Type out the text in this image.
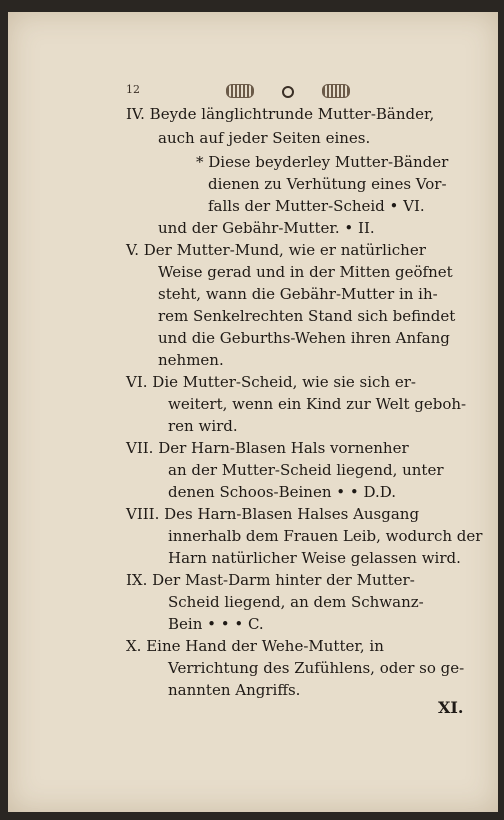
12
IV. Beyde länglichtrunde Mutter-Bänder,
auch auf jeder Seiten eines.
* Diese beyderley Mutter-Bänder
dienen zu Verhütung eines Vor-
falls der Mutter-Scheid • VI.
und der Gebähr-Mutter. • II.
V. Der Mutter-Mund, wie er natürlicher
Weise gerad und in der Mitten geöfnet
steht, wann die Gebähr-Mutter in ih-
rem Senkelrechten Stand sich befindet
und die Geburths-Wehen ihren Anfang
nehmen.
VI. Die Mutter-Scheid, wie sie sich er-
weitert, wenn ein Kind zur Welt geboh-
ren wird.
VII. Der Harn-Blasen Hals vornenher
an der Mutter-Scheid liegend, unter
denen Schoos-Beinen • • D.D.
VIII. Des Harn-Blasen Halses Ausgang
innerhalb dem Frauen Leib, wodurch der
Harn natürlicher Weise gelassen wird.
IX. Der Mast-Darm hinter der Mutter-
Scheid liegend, an dem Schwanz-
Bein • • • C.
X. Eine Hand der Wehe-Mutter, in
Verrichtung des Zufühlens, oder so ge-
nannten Angriffs.
XI.
